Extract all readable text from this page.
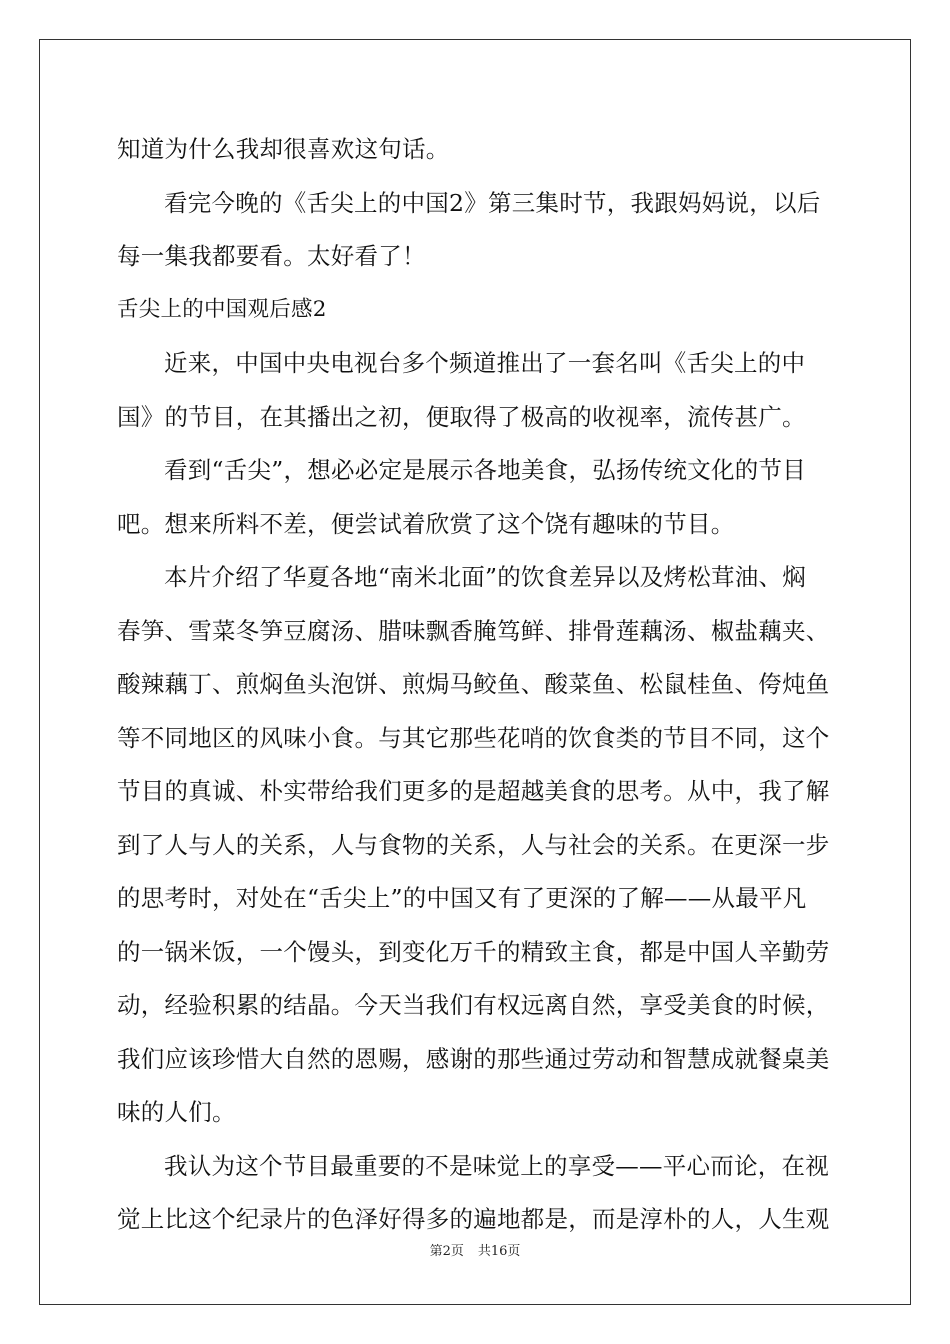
知道为什么我却很喜欢这句话。
看完今晚的《舌尖上的中国2》第三集时节，我跟妈妈说，以后
每一集我都要看。太好看了！
舌尖上的中国观后感2
近来，中国中央电视台多个频道推出了一套名叫《舌尖上的中
国》的节目，在其播出之初，便取得了极高的收视率，流传甚广。
看到“舌尖”，想必必定是展示各地美食，弘扬传统文化的节目
吧。想来所料不差，便尝试着欣赏了这个饶有趣味的节目。
本片介绍了华夏各地“南米北面”的饮食差异以及烤松茸油、焖
春笋、雪菜冬笋豆腐汤、腊味飘香腌笃鲜、排骨莲藕汤、椒盐藕夹、
酸辣藕丁、煎焖鱼头泡饼、煎焗马鲛鱼、酸菜鱼、松鼠桂鱼、侉炖鱼
等不同地区的风味小食。与其它那些花哨的饮食类的节目不同，这个
节目的真诚、朴实带给我们更多的是超越美食的思考。从中，我了解
到了人与人的关系，人与食物的关系，人与社会的关系。在更深一步
的思考时，对处在“舌尖上”的中国又有了更深的了解——从最平凡
的一锅米饭，一个馒头，到变化万千的精致主食，都是中国人辛勤劳
动，经验积累的结晶。今天当我们有权远离自然，享受美食的时候，
我们应该珍惜大自然的恩赐，感谢的那些通过劳动和智慧成就餐桌美
味的人们。
我认为这个节目最重要的不是味觉上的享受——平心而论，在视
觉上比这个纪录片的色泽好得多的遍地都是，而是淳朴的人，人生观
第2页 共16页
